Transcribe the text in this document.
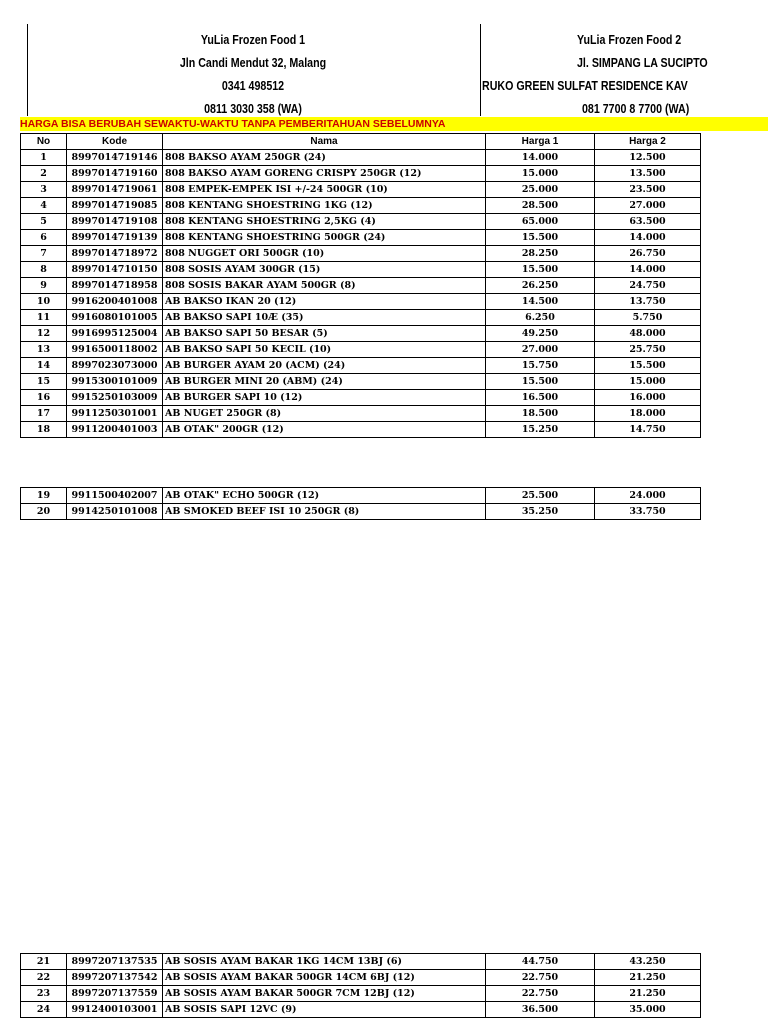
YuLia Frozen Food 1
Jln Candi Mendut 32, Malang
0341 498512
0811 3030 358 (WA)
YuLia Frozen Food 2
Jl. SIMPANG LA SUCIPTO
RUKO GREEN SULFAT RESIDENCE KAV
081 7700 8 7700 (WA)
HARGA BISA BERUBAH SEWAKTU-WAKTU TANPA PEMBERITAHUAN SEBELUMNYA
No	Kode	Nama	Harga 1	Harga 2
1	8997014719146	808 BAKSO AYAM 250GR (24)	14.000	12.500
2	8997014719160	808 BAKSO AYAM GORENG CRISPY 250GR (12)	15.000	13.500
3	8997014719061	808 EMPEK-EMPEK ISI +/-24 500GR (10)	25.000	23.500
4	8997014719085	808 KENTANG SHOESTRING 1KG (12)	28.500	27.000
5	8997014719108	808 KENTANG SHOESTRING 2,5KG (4)	65.000	63.500
6	8997014719139	808 KENTANG SHOESTRING 500GR (24)	15.500	14.000
7	8997014718972	808 NUGGET ORI 500GR (10)	28.250	26.750
8	8997014710150	808 SOSIS AYAM 300GR (15)	15.500	14.000
9	8997014718958	808 SOSIS BAKAR AYAM 500GR (8)	26.250	24.750
10	9916200401008	AB BAKSO IKAN 20 (12)	14.500	13.750
11	9916080101005	AB BAKSO SAPI 10Æ (35)	6.250	5.750
12	9916995125004	AB BAKSO SAPI 50 BESAR (5)	49.250	48.000
13	9916500118002	AB BAKSO SAPI 50 KECIL (10)	27.000	25.750
14	8997023073000	AB BURGER AYAM 20 (ACM) (24)	15.750	15.500
15	9915300101009	AB BURGER MINI 20 (ABM) (24)	15.500	15.000
16	9915250103009	AB BURGER SAPI 10 (12)	16.500	16.000
17	9911250301001	AB NUGET 250GR (8)	18.500	18.000
18	9911200401003	AB OTAK" 200GR (12)	15.250	14.750
19	9911500402007	AB OTAK" ECHO 500GR (12)	25.500	24.000
20	9914250101008	AB SMOKED BEEF ISI 10 250GR (8)	35.250	33.750
21	8997207137535	AB SOSIS AYAM BAKAR 1KG 14CM 13BJ (6)	44.750	43.250
22	8997207137542	AB SOSIS AYAM BAKAR 500GR 14CM 6BJ (12)	22.750	21.250
23	8997207137559	AB SOSIS AYAM BAKAR 500GR 7CM 12BJ (12)	22.750	21.250
24	9912400103001	AB SOSIS SAPI 12VC (9)	36.500	35.000
